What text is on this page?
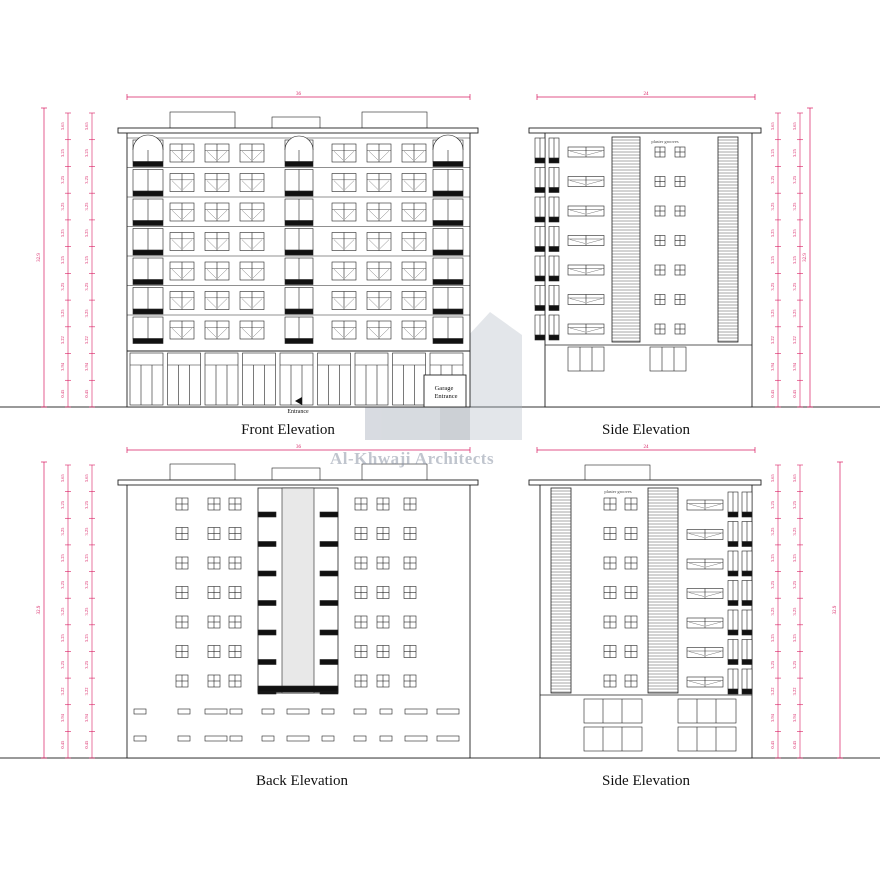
36
32.9
0.45
3.94
3.22
3.25
3.25
3.25
3.25
3.25
3.25
3.25
3.65
0.45
3.94
3.22
3.25
3.25
3.25
3.25
3.25
3.25
3.25
3.65
Garage
Entrance
Entrance
24
32.9
0.45
3.94
3.22
3.25
3.25
3.25
3.25
3.25
3.25
3.25
3.65
0.45
3.94
3.22
3.25
3.25
3.25
3.25
3.25
3.25
3.25
3.65
plaster grooves
36
32.9
0.45
3.94
3.22
3.25
3.25
3.25
3.25
3.25
3.25
3.25
3.65
0.45
3.94
3.22
3.25
3.25
3.25
3.25
3.25
3.25
3.25
3.65
24
32.9
0.45
3.94
3.22
3.25
3.25
3.25
3.25
3.25
3.25
3.25
3.65
0.45
3.94
3.22
3.25
3.25
3.25
3.25
3.25
3.25
3.25
3.65
plaster grooves
Front Elevation	Side Elevation
Back Elevation	Side Elevation
Al-Khwaji Architects
